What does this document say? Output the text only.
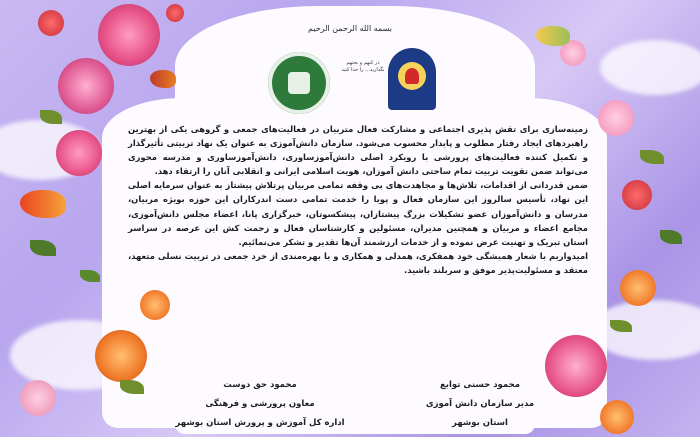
بسمه الله الرحمن الرحیم
در کنهم و بحثهم بگذارید... را خدا کنید

زمینه‌سازی برای تقش پذیری اجتماعی و مشارکت فعال متربیان در فعالیت‌های جمعی و گروهی یکی از بهترین راهبردهای ایجاد رفتار مطلوب و پایدار محسوب می‌شود. سازمان دانش‌آموزی به عنوان یک نهاد تربیتی تأثیرگذار و تکمیل کننده فعالیت‌های پرورشی با رویکرد اصلی دانش‌آموزساوری، دانش‌آموزساوری و مدرسه محوری می‌تواند ضمن تقویت تربیت تمام ساحتی دانش آموزان، هویت اسلامی ایرانی و انقلابی آنان را ارتقاء دهد.

ضمن قدردانی از اقدامات، تلاش‌ها و مجاهدت‌های بی وقفه تمامی مربیان پرتلاش پیشتاز به عنوان سرمایه اصلی این نهاد، تأسیس سالروز این سازمان فعال و پویا را خدمت تمامی دست اندرکاران این حوزه بویژه مربیان، مدرسان و دانش‌آموزان عضو تشکیلات بزرگ پیشتازان، پیشکسوتان، خبرگزاری پانا، اعضاء مجلس دانش‌آموزی، مجامع اعضاء و مربیان و همچنین مدیران، مسئولین و کارشناسان فعال و زحمت کش این عرصه در سراسر استان تبریک و تهنیت عرض نموده و از خدمات ارزشمند آن‌ها تقدیر و تشکر می‌نمائیم.

امیدواریم با شعار همیشگی خود همفکری، همدلی و همکاری و با بهره‌مندی از خرد جمعی در تربیت نسلی متعهد، معتقد و مسئولیت‌پذیر موفق و سربلند باشید.

محمود حسنی توابع
مدیر سازمان دانش آموزی
استان بوشهر
محمود حق دوست
معاون پرورشی و فرهنگی
اداره کل آموزش و پرورش استان بوشهر
